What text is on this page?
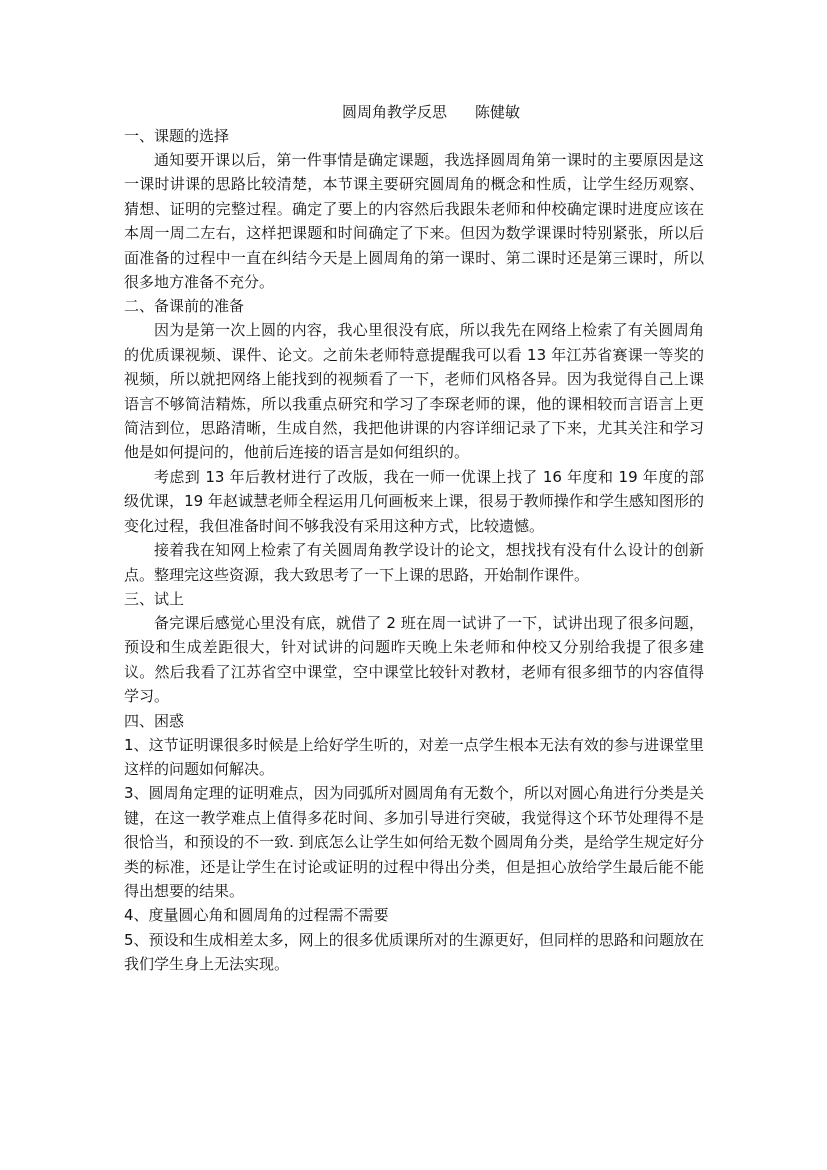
圆周角教学反思 陈健敏

一、课题的选择

通知要开课以后，第一件事情是确定课题，我选择圆周角第一课时的主要原因是这一课时讲课的思路比较清楚，本节课主要研究圆周角的概念和性质，让学生经历观察、猜想、证明的完整过程。确定了要上的内容然后我跟朱老师和仲校确定课时进度应该在本周一周二左右，这样把课题和时间确定了下来。但因为数学课课时特别紧张，所以后面准备的过程中一直在纠结今天是上圆周角的第一课时、第二课时还是第三课时，所以很多地方准备不充分。

二、备课前的准备

因为是第一次上圆的内容，我心里很没有底，所以我先在网络上检索了有关圆周角的优质课视频、课件、论文。之前朱老师特意提醒我可以看 13 年江苏省赛课一等奖的视频，所以就把网络上能找到的视频看了一下，老师们风格各异。因为我觉得自己上课语言不够简洁精炼，所以我重点研究和学习了李琛老师的课，他的课相较而言语言上更简洁到位，思路清晰，生成自然，我把他讲课的内容详细记录了下来，尤其关注和学习他是如何提问的，他前后连接的语言是如何组织的。

考虑到 13 年后教材进行了改版，我在一师一优课上找了 16 年度和 19 年度的部级优课，19 年赵诚慧老师全程运用几何画板来上课，很易于教师操作和学生感知图形的变化过程，我但准备时间不够我没有采用这种方式，比较遗憾。

接着我在知网上检索了有关圆周角教学设计的论文，想找找有没有什么设计的创新点。整理完这些资源，我大致思考了一下上课的思路，开始制作课件。

三、试上

备完课后感觉心里没有底，就借了 2 班在周一试讲了一下，试讲出现了很多问题，预设和生成差距很大，针对试讲的问题昨天晚上朱老师和仲校又分别给我提了很多建议。然后我看了江苏省空中课堂，空中课堂比较针对教材，老师有很多细节的内容值得学习。

四、困惑

1、这节证明课很多时候是上给好学生听的，对差一点学生根本无法有效的参与进课堂里这样的问题如何解决。

3、圆周角定理的证明难点，因为同弧所对圆周角有无数个，所以对圆心角进行分类是关键，在这一教学难点上值得多花时间、多加引导进行突破，我觉得这个环节处理得不是很恰当，和预设的不一致. 到底怎么让学生如何给无数个圆周角分类，是给学生规定好分类的标准，还是让学生在讨论或证明的过程中得出分类，但是担心放给学生最后能不能得出想要的结果。

4、度量圆心角和圆周角的过程需不需要

5、预设和生成相差太多，网上的很多优质课所对的生源更好，但同样的思路和问题放在我们学生身上无法实现。
